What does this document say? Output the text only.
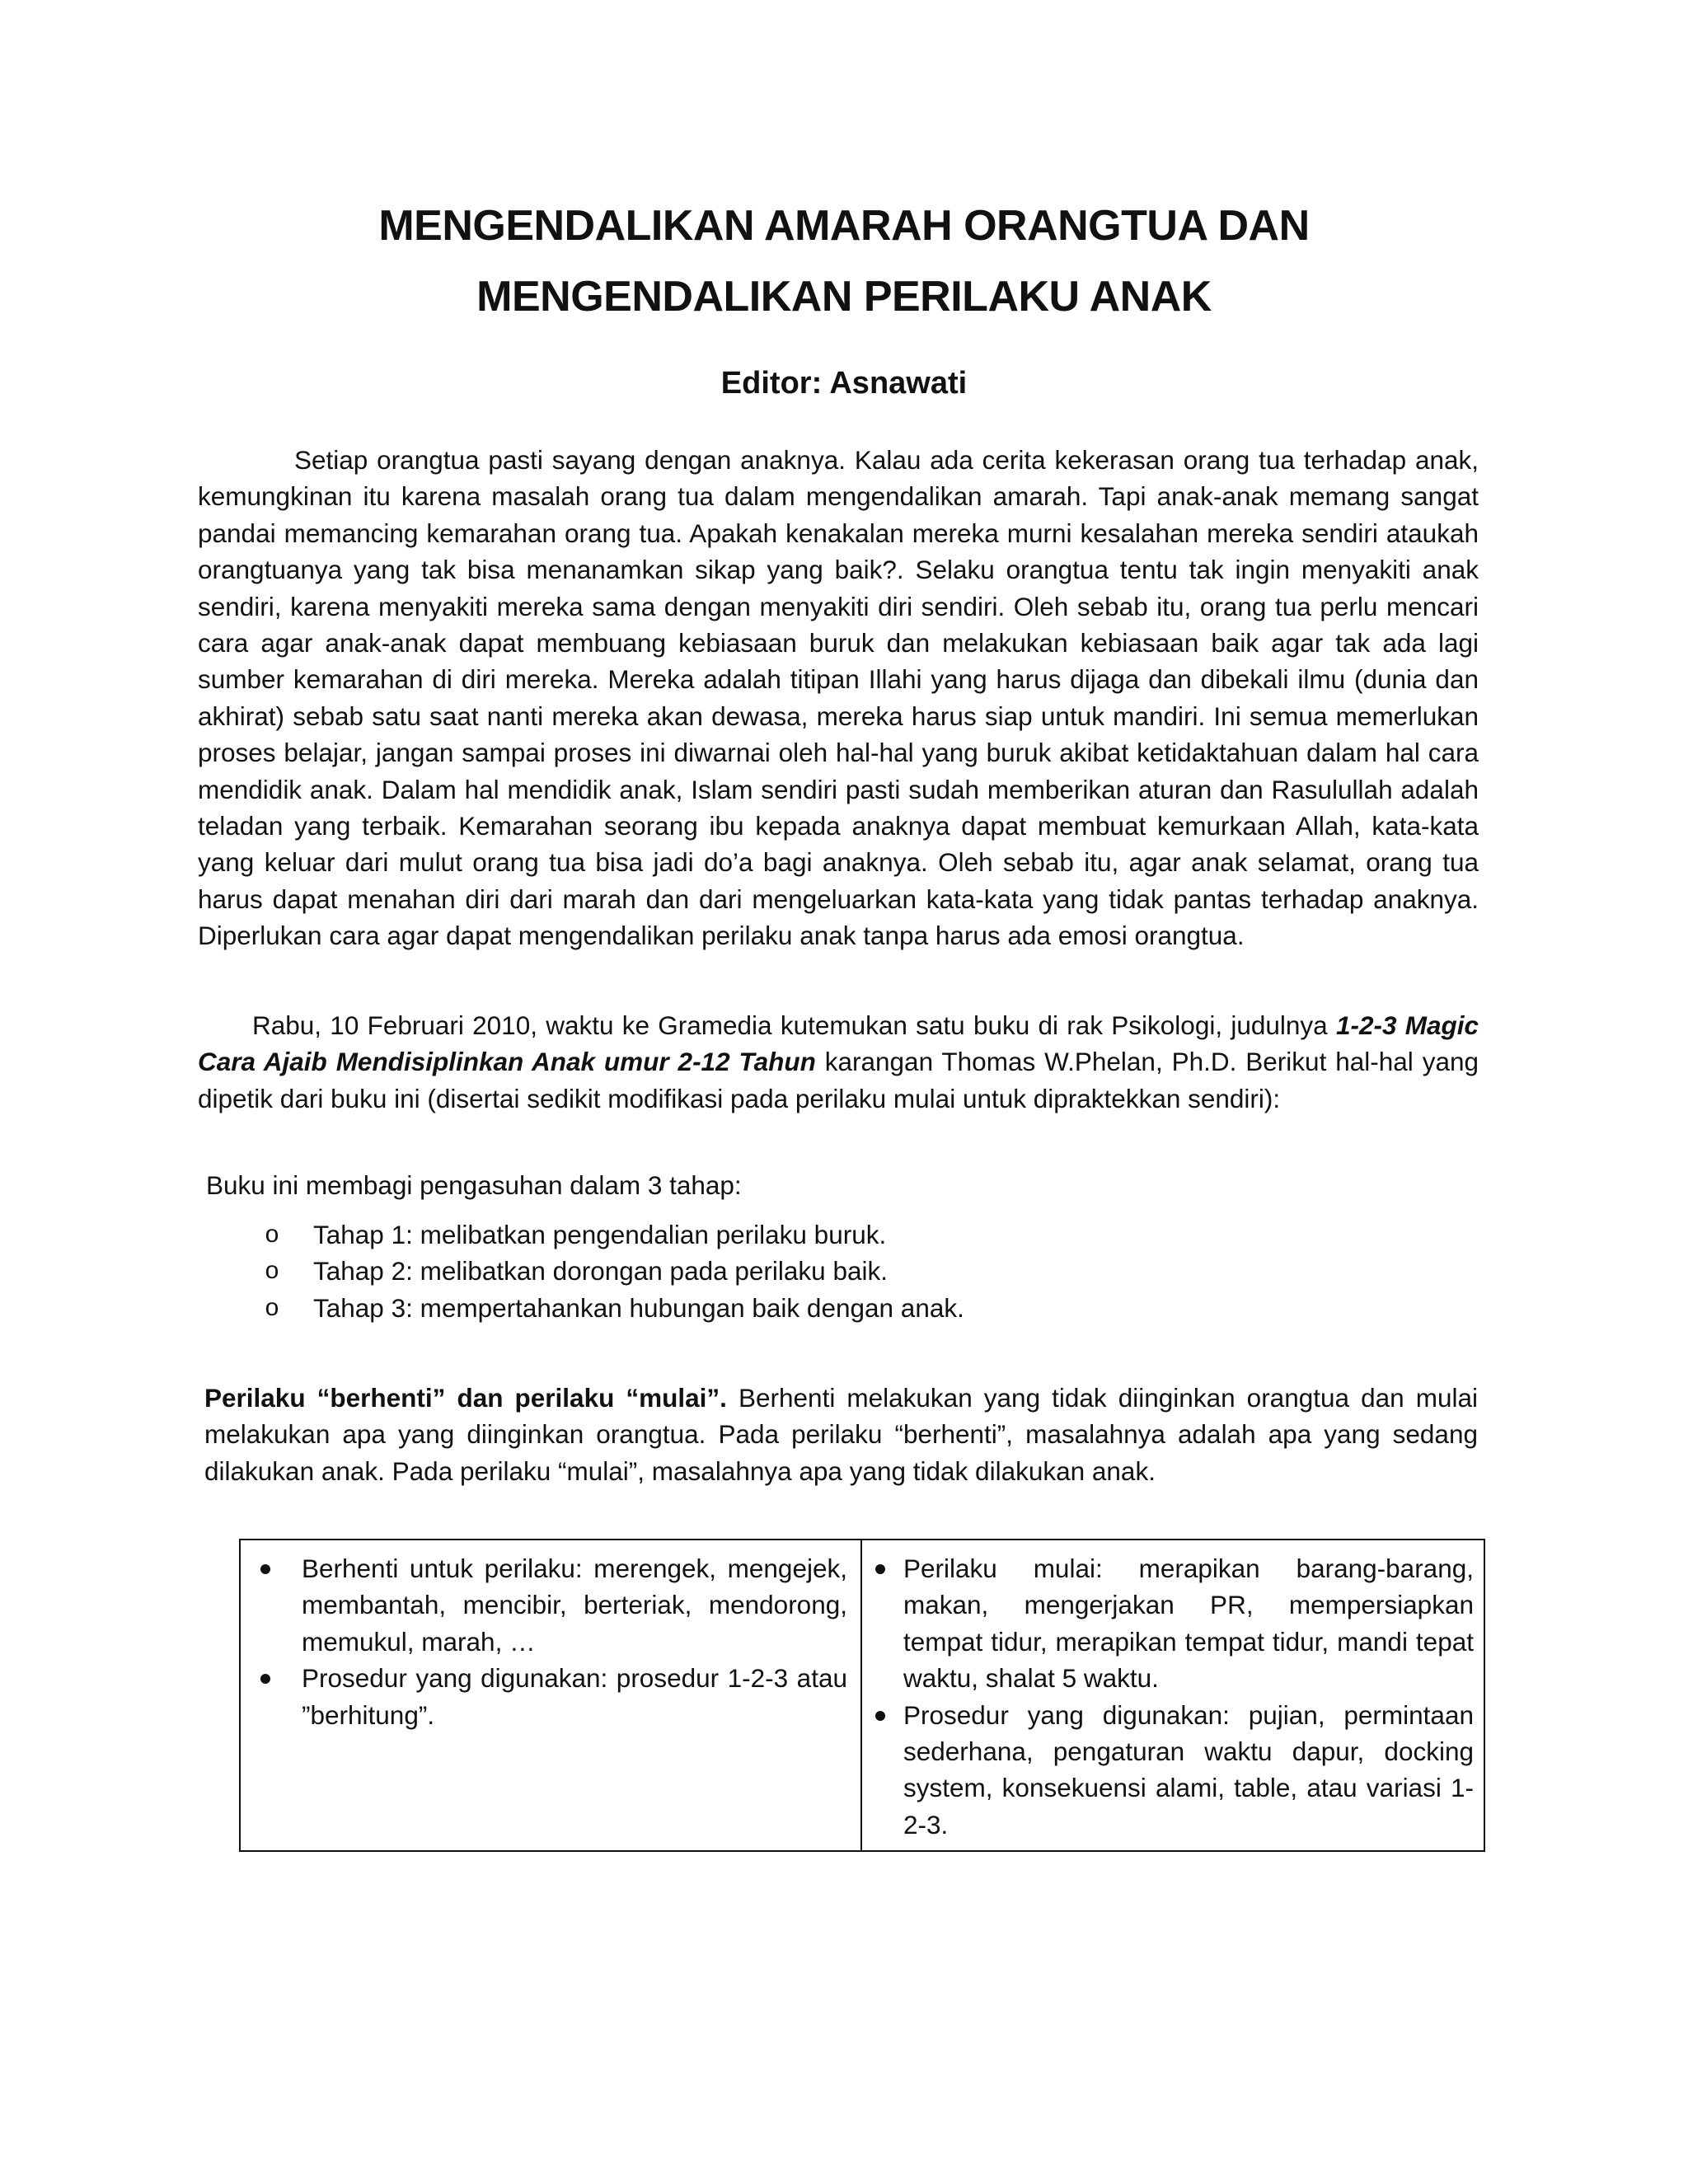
MENGENDALIKAN AMARAH ORANGTUA DAN
MENGENDALIKAN PERILAKU ANAK
Editor: Asnawati

Setiap orangtua pasti sayang dengan anaknya. Kalau ada cerita kekerasan orang tua terhadap anak, kemungkinan itu karena masalah orang tua dalam mengendalikan amarah. Tapi anak-anak memang sangat pandai memancing kemarahan orang tua. Apakah kenakalan mereka murni kesalahan mereka sendiri ataukah orangtuanya yang tak bisa menanamkan sikap yang baik?. Selaku orangtua tentu tak ingin menyakiti anak sendiri, karena menyakiti mereka sama dengan menyakiti diri sendiri. Oleh sebab itu, orang tua perlu mencari cara agar anak-anak dapat membuang kebiasaan buruk dan melakukan kebiasaan baik agar tak ada lagi sumber kemarahan di diri mereka. Mereka adalah titipan Illahi yang harus dijaga dan dibekali ilmu (dunia dan akhirat) sebab satu saat nanti mereka akan dewasa, mereka harus siap untuk mandiri. Ini semua memerlukan proses belajar, jangan sampai proses ini diwarnai oleh hal-hal yang buruk akibat ketidaktahuan dalam hal cara mendidik anak. Dalam hal mendidik anak, Islam sendiri pasti sudah memberikan aturan dan Rasulullah adalah teladan yang terbaik. Kemarahan seorang ibu kepada anaknya dapat membuat kemurkaan Allah, kata-kata yang keluar dari mulut orang tua bisa jadi do’a bagi anaknya. Oleh sebab itu, agar anak selamat, orang tua harus dapat menahan diri dari marah dan dari mengeluarkan kata-kata yang tidak pantas terhadap anaknya. Diperlukan cara agar dapat mengendalikan perilaku anak tanpa harus ada emosi orangtua.

Rabu, 10 Februari 2010, waktu ke Gramedia kutemukan satu buku di rak Psikologi, judulnya 1-2-3 Magic Cara Ajaib Mendisiplinkan Anak umur 2-12 Tahun karangan Thomas W.Phelan, Ph.D. Berikut hal-hal yang dipetik dari buku ini (disertai sedikit modifikasi pada perilaku mulai untuk dipraktekkan sendiri):

Buku ini membagi pengasuhan dalam 3 tahap:

o Tahap 1: melibatkan pengendalian perilaku buruk.
o Tahap 2: melibatkan dorongan pada perilaku baik.
o Tahap 3: mempertahankan hubungan baik dengan anak.

Perilaku “berhenti” dan perilaku “mulai”. Berhenti melakukan yang tidak diinginkan orangtua dan mulai melakukan apa yang diinginkan orangtua. Pada perilaku “berhenti”, masalahnya adalah apa yang sedang dilakukan anak. Pada perilaku “mulai”, masalahnya apa yang tidak dilakukan anak.

Berhenti untuk perilaku: merengek, mengejek, membantah, mencibir, berteriak, mendorong, memukul, marah, …
Prosedur yang digunakan: prosedur 1-2-3 atau ”berhitung”.
Perilaku mulai: merapikan barang-barang, makan, mengerjakan PR, mempersiapkan tempat tidur, merapikan tempat tidur, mandi tepat waktu, shalat 5 waktu.
Prosedur yang digunakan: pujian, permintaan sederhana, pengaturan waktu dapur, docking system, konsekuensi alami, table, atau variasi 1-2-3.
